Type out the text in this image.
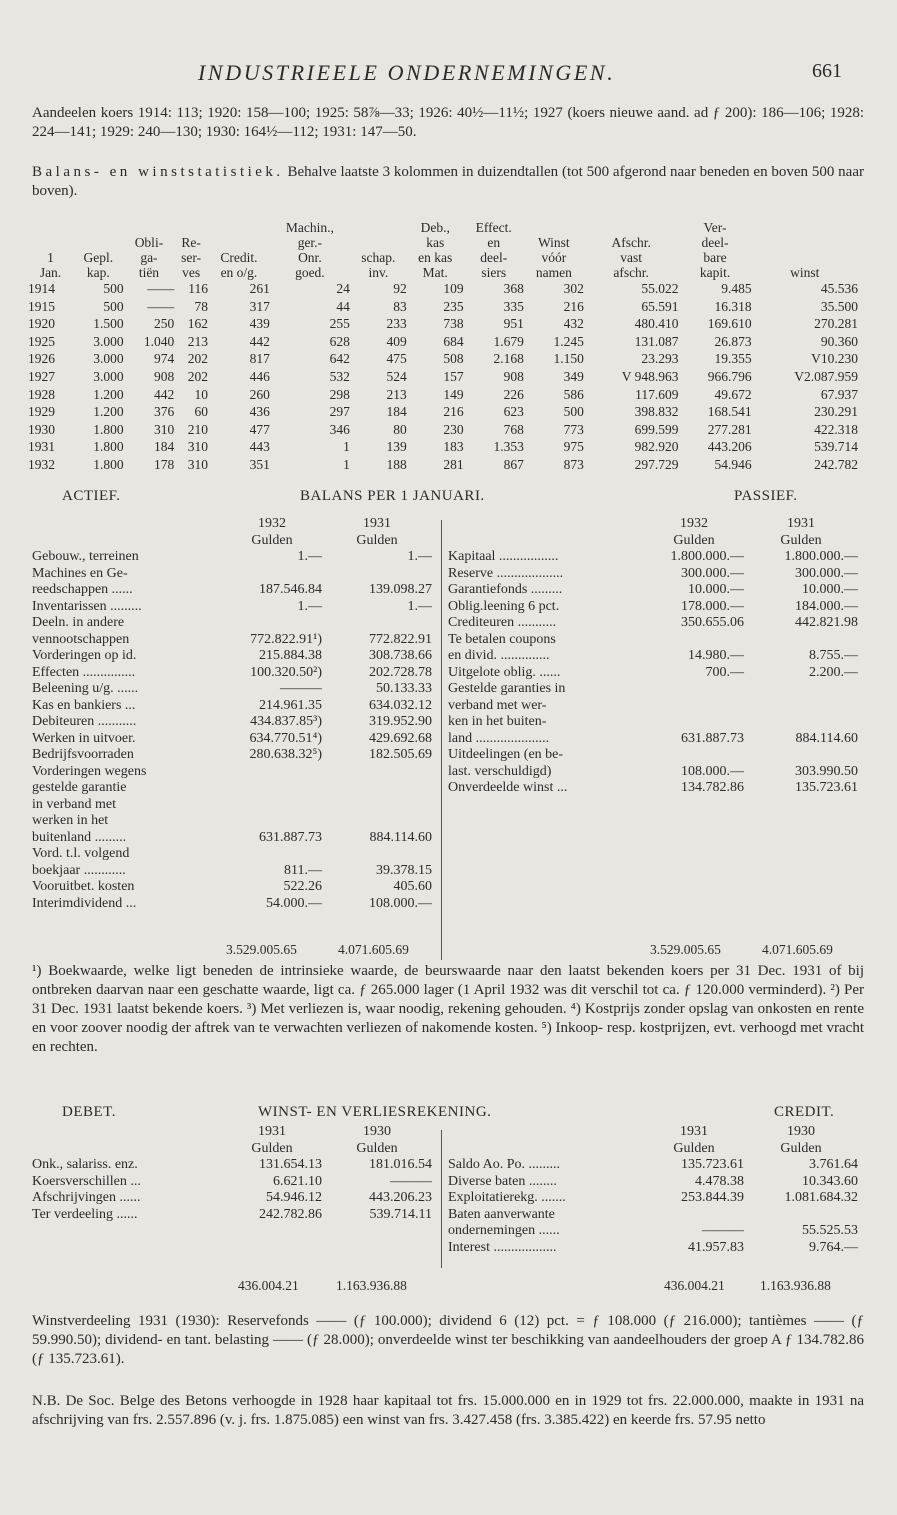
INDUSTRIEELE ONDERNEMINGEN.	661

Aandeelen koers 1914: 113; 1920: 158—100; 1925: 58⅞—33; 1926: 40½—11½; 1927 (koers nieuwe aand. ad ƒ 200): 186—106; 1928: 224—141; 1929: 240—130; 1930: 164½—112; 1931: 147—50.

Balans- en winststatistiek. Behalve laatste 3 kolommen in duizendtallen (tot 500 afgerond naar beneden en boven 500 naar boven).

					Machin.,		Deb.,	Effect.			Ver-	
		Obli-	Re-		ger.-		kas	en	Winst	Afschr.	deel-	
1	Gepl.	ga-	ser-	Credit.	Onr.	schap.	en kas	deel-	vóór	vast	bare	
Jan.	kap.	tiën	ves	en o/g.	goed.	inv.	Mat.	siers	namen	afschr.	kapit.	winst
1914	500	——	116	261	24	92	109	368	302	55.022	9.485	45.536
1915	500	——	78	317	44	83	235	335	216	65.591	16.318	35.500
1920	1.500	250	162	439	255	233	738	951	432	480.410	169.610	270.281
1925	3.000	1.040	213	442	628	409	684	1.679	1.245	131.087	26.873	90.360
1926	3.000	974	202	817	642	475	508	2.168	1.150	23.293	19.355	V10.230
1927	3.000	908	202	446	532	524	157	908	349	V 948.963	966.796	V2.087.959
1928	1.200	442	10	260	298	213	149	226	586	117.609	49.672	67.937
1929	1.200	376	60	436	297	184	216	623	500	398.832	168.541	230.291
1930	1.800	310	210	477	346	80	230	768	773	699.599	277.281	422.318
1931	1.800	184	310	443	1	139	183	1.353	975	982.920	443.206	539.714
1932	1.800	178	310	351	1	188	281	867	873	297.729	54.946	242.782
ACTIEF.	BALANS PER 1 JANUARI.	PASSIEF.
	1932	1931
	Gulden	Gulden
Gebouw., terreinen	1.—	1.—
Machines en Ge-		
reedschappen ......	187.546.84	139.098.27
Inventarissen .........	1.—	1.—
Deeln. in andere		
vennootschappen	772.822.91¹)	772.822.91
Vorderingen op id.	215.884.38	308.738.66
Effecten ...............	100.320.50²)	202.728.78
Beleening u/g. ......	———	50.133.33
Kas en bankiers ...	214.961.35	634.032.12
Debiteuren ...........	434.837.85³)	319.952.90
Werken in uitvoer.	634.770.51⁴)	429.692.68
Bedrijfsvoorraden	280.638.32⁵)	182.505.69
Vorderingen wegens		
gestelde garantie		
in verband met		
werken in het		
buitenland .........	631.887.73	884.114.60
Vord. t.l. volgend		
boekjaar ............	811.—	39.378.15
Vooruitbet. kosten	522.26	405.60
Interimdividend ...	54.000.—	108.000.—
	1932	1931
	Gulden	Gulden
Kapitaal .................	1.800.000.—	1.800.000.—
Reserve ...................	300.000.—	300.000.—
Garantiefonds .........	10.000.—	10.000.—
Oblig.leening 6 pct.	178.000.—	184.000.—
Crediteuren ...........	350.655.06	442.821.98
Te betalen coupons		
en divid. ..............	14.980.—	8.755.—
Uitgelote oblig. ......	700.—	2.200.—
Gestelde garanties in		
verband met wer-		
ken in het buiten-		
land .....................	631.887.73	884.114.60
Uitdeelingen (en be-		
last. verschuldigd)	108.000.—	303.990.50
Onverdeelde winst ...	134.782.86	135.723.61
3.529.005.65	4.071.605.69	3.529.005.65	4.071.605.69

¹) Boekwaarde, welke ligt beneden de intrinsieke waarde, de beurswaarde naar den laatst bekenden koers per 31 Dec. 1931 of bij ontbreken daarvan naar een geschatte waarde, ligt ca. ƒ 265.000 lager (1 April 1932 was dit verschil tot ca. ƒ 120.000 verminderd). ²) Per 31 Dec. 1931 laatst bekende koers. ³) Met verliezen is, waar noodig, rekening gehouden. ⁴) Kostprijs zonder opslag van onkosten en rente en voor zoover noodig der aftrek van te verwachten verliezen of nakomende kosten. ⁵) Inkoop- resp. kostprijzen, evt. verhoogd met vracht en rechten.

DEBET.	WINST- EN VERLIESREKENING.	CREDIT.
	1931	1930
	Gulden	Gulden
Onk., salariss. enz.	131.654.13	181.016.54
Koersverschillen ...	6.621.10	———
Afschrijvingen ......	54.946.12	443.206.23
Ter verdeeling ......	242.782.86	539.714.11
	1931	1930
	Gulden	Gulden
Saldo Ao. Po. .........	135.723.61	3.761.64
Diverse baten ........	4.478.38	10.343.60
Exploitatierekg. .......	253.844.39	1.081.684.32
Baten aanverwante		
ondernemingen ......	———	55.525.53
Interest ..................	41.957.83	9.764.—
436.004.21	1.163.936.88	436.004.21	1.163.936.88

Winstverdeeling 1931 (1930): Reservefonds —— (ƒ 100.000); dividend 6 (12) pct. = ƒ 108.000 (ƒ 216.000); tantièmes —— (ƒ 59.990.50); dividend- en tant. belasting —— (ƒ 28.000); onverdeelde winst ter beschikking van aandeelhouders der groep A ƒ 134.782.86 (ƒ 135.723.61).

N.B. De Soc. Belge des Betons verhoogde in 1928 haar kapitaal tot frs. 15.000.000 en in 1929 tot frs. 22.000.000, maakte in 1931 na afschrijving van frs. 2.557.896 (v. j. frs. 1.875.085) een winst van frs. 3.427.458 (frs. 3.385.422) en keerde frs. 57.95 netto
